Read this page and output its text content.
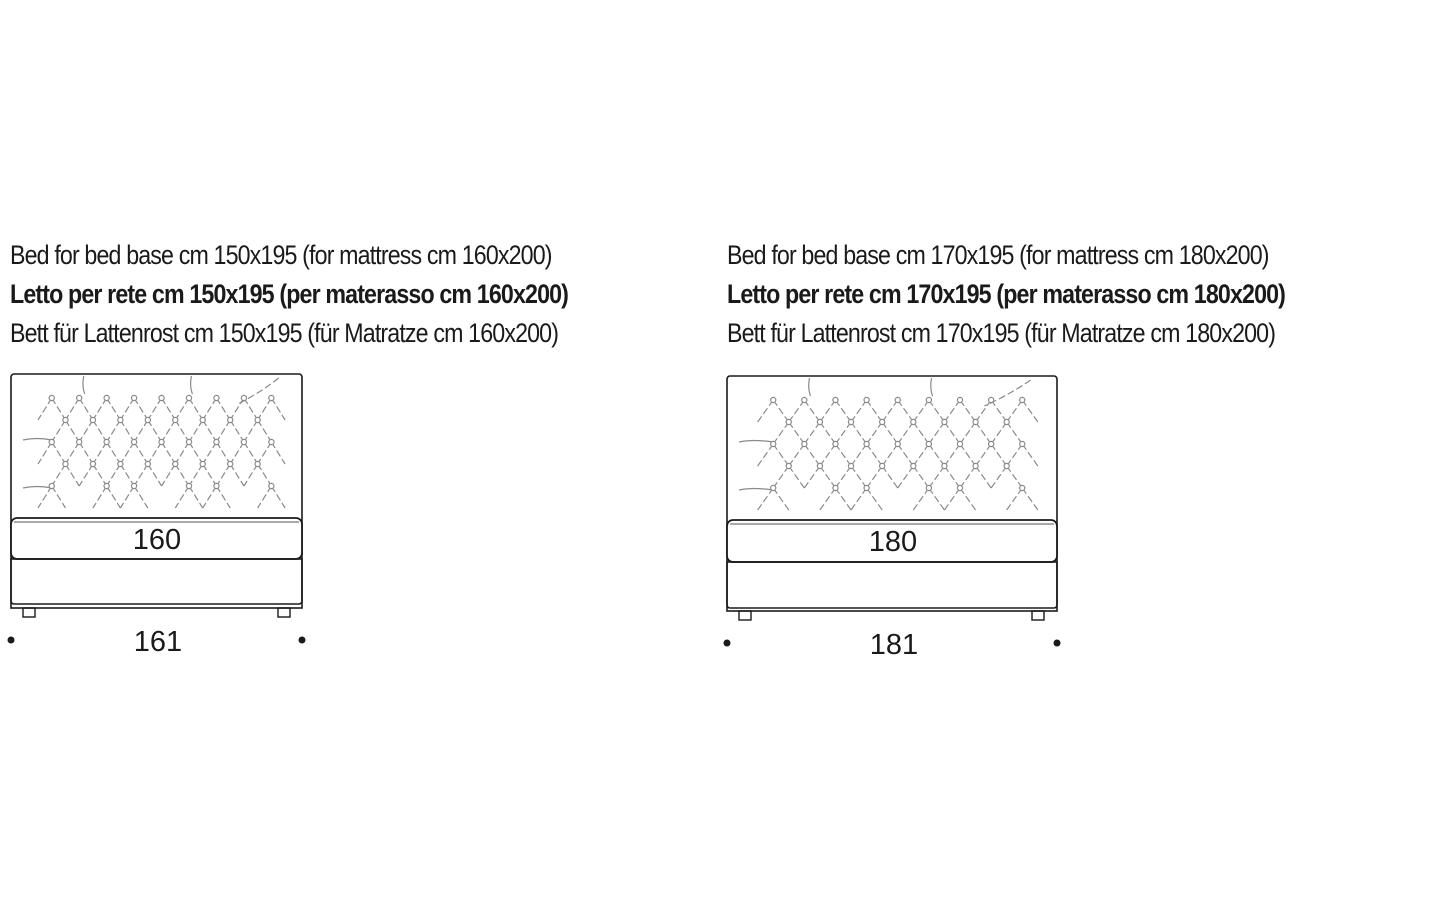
Bed for bed base cm 150x195 (for mattress cm 160x200)
Letto per rete cm 150x195 (per materasso cm 160x200)
Bett für Lattenrost cm 150x195 (für Matratze cm 160x200)
160
161
Bed for bed base cm 170x195 (for mattress cm 180x200)
Letto per rete cm 170x195 (per materasso cm 180x200)
Bett für Lattenrost cm 170x195 (für Matratze cm 180x200)
180
181
